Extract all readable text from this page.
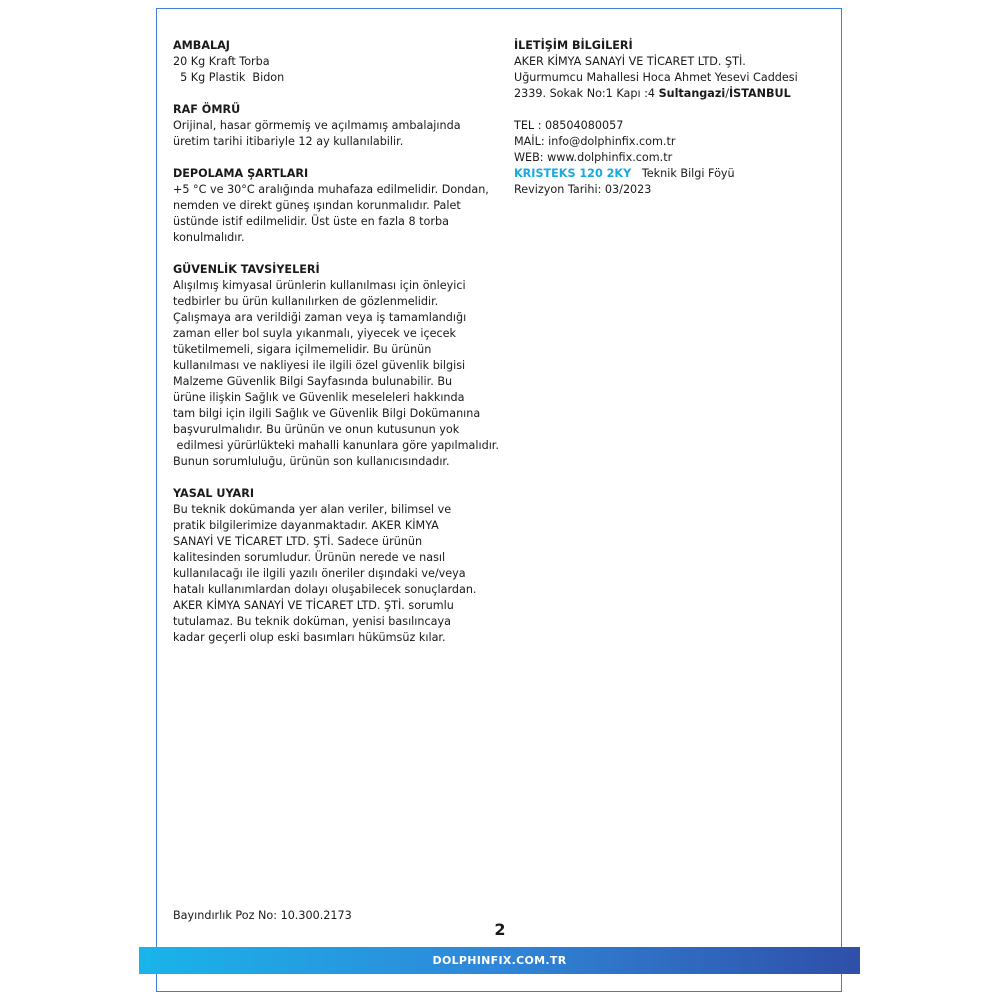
AMBALAJ
20 Kg Kraft Torba
5 Kg Plastik  Bidon
RAF ÖMRÜ
Orijinal, hasar görmemiş ve açılmamış ambalajında
üretim tarihi itibariyle 12 ay kullanılabilir.
DEPOLAMA ŞARTLARI
+5 °C ve 30°C aralığında muhafaza edilmelidir. Dondan,
nemden ve direkt güneş ışından korunmalıdır. Palet
üstünde istif edilmelidir. Üst üste en fazla 8 torba
konulmalıdır.
GÜVENLİK TAVSİYELERİ
Alışılmış kimyasal ürünlerin kullanılması için önleyici
tedbirler bu ürün kullanılırken de gözlenmelidir.
Çalışmaya ara verildiği zaman veya iş tamamlandığı
zaman eller bol suyla yıkanmalı, yiyecek ve içecek
tüketilmemeli, sigara içilmemelidir. Bu ürünün
kullanılması ve nakliyesi ile ilgili özel güvenlik bilgisi
Malzeme Güvenlik Bilgi Sayfasında bulunabilir. Bu
ürüne ilişkin Sağlık ve Güvenlik meseleleri hakkında
tam bilgi için ilgili Sağlık ve Güvenlik Bilgi Dokümanına
başvurulmalıdır. Bu ürünün ve onun kutusunun yok
edilmesi yürürlükteki mahalli kanunlara göre yapılmalıdır.
Bunun sorumluluğu, ürünün son kullanıcısındadır.
YASAL UYARI
Bu teknik dokümanda yer alan veriler, bilimsel ve
pratik bilgilerimize dayanmaktadır. AKER KİMYA
SANAYİ VE TİCARET LTD. ŞTİ. Sadece ürünün
kalitesinden sorumludur. Ürünün nerede ve nasıl
kullanılacağı ile ilgili yazılı öneriler dışındaki ve/veya
hatalı kullanımlardan dolayı oluşabilecek sonuçlardan.
AKER KİMYA SANAYİ VE TİCARET LTD. ŞTİ. sorumlu
tutulamaz. Bu teknik doküman, yenisi basılıncaya
kadar geçerli olup eski basımları hükümsüz kılar.
İLETİŞİM BİLGİLERİ
AKER KİMYA SANAYİ VE TİCARET LTD. ŞTİ.
Uğurmumcu Mahallesi Hoca Ahmet Yesevi Caddesi
2339. Sokak No:1 Kapı :4 Sultangazi/İSTANBUL
TEL : 08504080057
MAİL: info@dolphinfix.com.tr
WEB: www.dolphinfix.com.tr
KRISTEKS 120 2KY   Teknik Bilgi Föyü
Revizyon Tarihi: 03/2023
Bayındırlık Poz No: 10.300.2173
2
DOLPHINFIX.COM.TR
